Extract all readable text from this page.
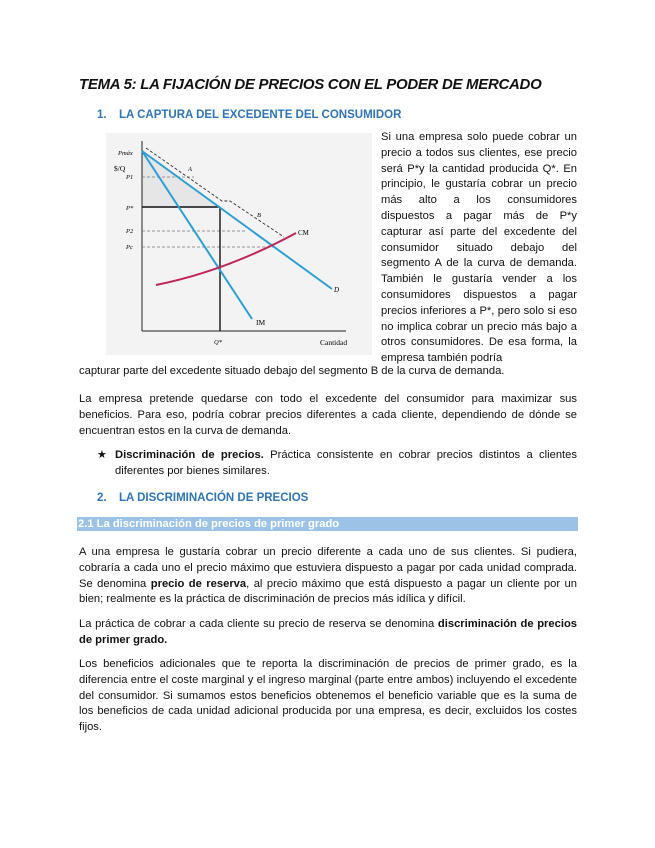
TEMA 5: LA FIJACIÓN DE PRECIOS CON EL PODER DE MERCADO
1. LA CAPTURA DEL EXCEDENTE DEL CONSUMIDOR
$/Q
Cantidad
Pmáx
P1
P*
P2
Pc
Q*
A
B
CM
D
IM

Si una empresa solo puede cobrar un precio a todos sus clientes, ese precio será P*y la cantidad producida Q*. En principio, le gustaría cobrar un precio más alto a los consumidores dispuestos a pagar más de P*y capturar así parte del excedente del consumidor situado debajo del segmento A de la curva de demanda. También le gustaría vender a los consumidores dispuestos a pagar precios inferiores a P*, pero solo si eso no implica cobrar un precio más bajo a otros consumidores. De esa forma, la empresa también podría

capturar parte del excedente situado debajo del segmento B de la curva de demanda.

La empresa pretende quedarse con todo el excedente del consumidor para maximizar sus beneficios. Para eso, podría cobrar precios diferentes a cada cliente, dependiendo de dónde se encuentran estos en la curva de demanda.

★ Discriminación de precios. Práctica consistente en cobrar precios distintos a clientes diferentes por bienes similares.

2. LA DISCRIMINACIÓN DE PRECIOS
2.1 La discriminación de precios de primer grado

A una empresa le gustaría cobrar un precio diferente a cada uno de sus clientes. Si pudiera, cobraría a cada uno el precio máximo que estuviera dispuesto a pagar por cada unidad comprada. Se denomina precio de reserva, al precio máximo que está dispuesto a pagar un cliente por un bien; realmente es la práctica de discriminación de precios más idílica y difícil.

La práctica de cobrar a cada cliente su precio de reserva se denomina discriminación de precios de primer grado.

Los beneficios adicionales que te reporta la discriminación de precios de primer grado, es la diferencia entre el coste marginal y el ingreso marginal (parte entre ambos) incluyendo el excedente del consumidor. Si sumamos estos beneficios obtenemos el beneficio variable que es la suma de los beneficios de cada unidad adicional producida por una empresa, es decir, excluidos los costes fijos.
